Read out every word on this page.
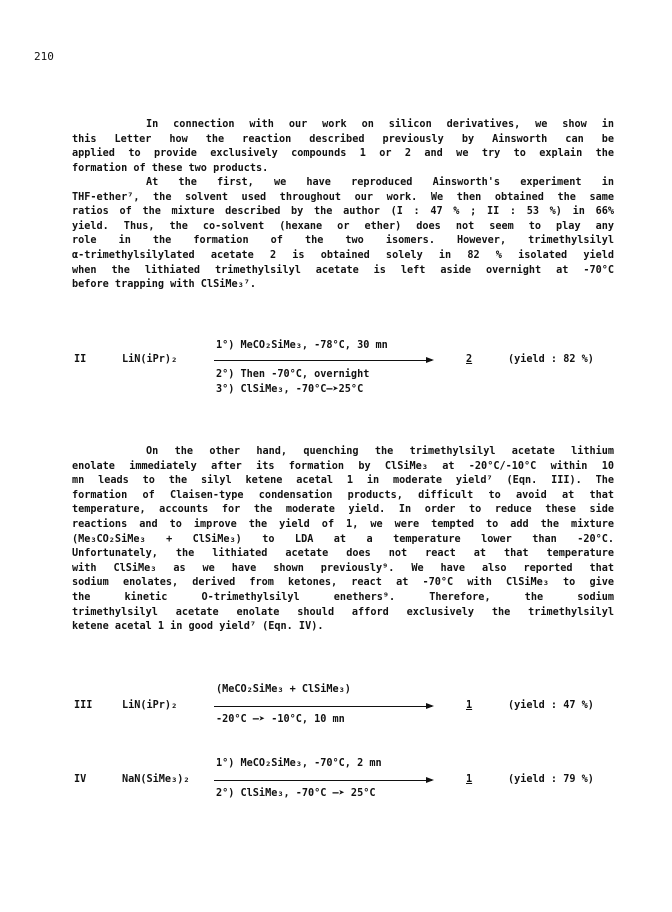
210
In connection with our work on silicon derivatives, we show in
this Letter how the reaction described previously by Ainsworth can be
applied to provide exclusively compounds 1 or 2 and we try to explain the
formation of these two products.
At the first, we have reproduced Ainsworth's experiment in
THF-ether⁷, the solvent used throughout our work. We then obtained the same
ratios of the mixture described by the author (I : 47 % ; II : 53 %) in 66%
yield. Thus, the co-solvent (hexane or ether) does not seem to play any
role in the formation of the two isomers. However, trimethylsilyl
α-trimethylsilylated acetate 2 is obtained solely in 82 % isolated yield
when the lithiated trimethylsilyl acetate is left aside overnight at -70°C
before trapping with ClSiMe₃⁷.
II	LiN(iPr)₂
1°) MeCO₂SiMe₃, -78°C, 30 mn
2	(yield : 82 %)
2°) Then -70°C, overnight
3°) ClSiMe₃, -70°C—➤25°C
On the other hand, quenching the trimethylsilyl acetate lithium
enolate immediately after its formation by ClSiMe₃ at -20°C/-10°C within 10
mn leads to the silyl ketene acetal 1 in moderate yield⁷ (Eqn. III). The
formation of Claisen-type condensation products, difficult to avoid at that
temperature, accounts for the moderate yield. In order to reduce these side
reactions and to improve the yield of 1, we were tempted to add the mixture
(Me₃CO₂SiMe₃ + ClSiMe₃) to LDA at a temperature lower than -20°C.
Unfortunately, the lithiated acetate does not react at that temperature
with ClSiMe₃ as we have shown previously⁹. We have also reported that
sodium enolates, derived from ketones, react at -70°C with ClSiMe₃ to give
the kinetic O-trimethylsilyl enethers⁹. Therefore, the sodium
trimethylsilyl acetate enolate should afford exclusively the trimethylsilyl
ketene acetal 1 in good yield⁷ (Eqn. IV).
III	LiN(iPr)₂
(MeCO₂SiMe₃ + ClSiMe₃)
-20°C —➤ -10°C, 10 mn
1	(yield : 47 %)
IV	NaN(SiMe₃)₂
1°) MeCO₂SiMe₃, -70°C, 2 mn
2°) ClSiMe₃, -70°C —➤ 25°C
1	(yield : 79 %)
